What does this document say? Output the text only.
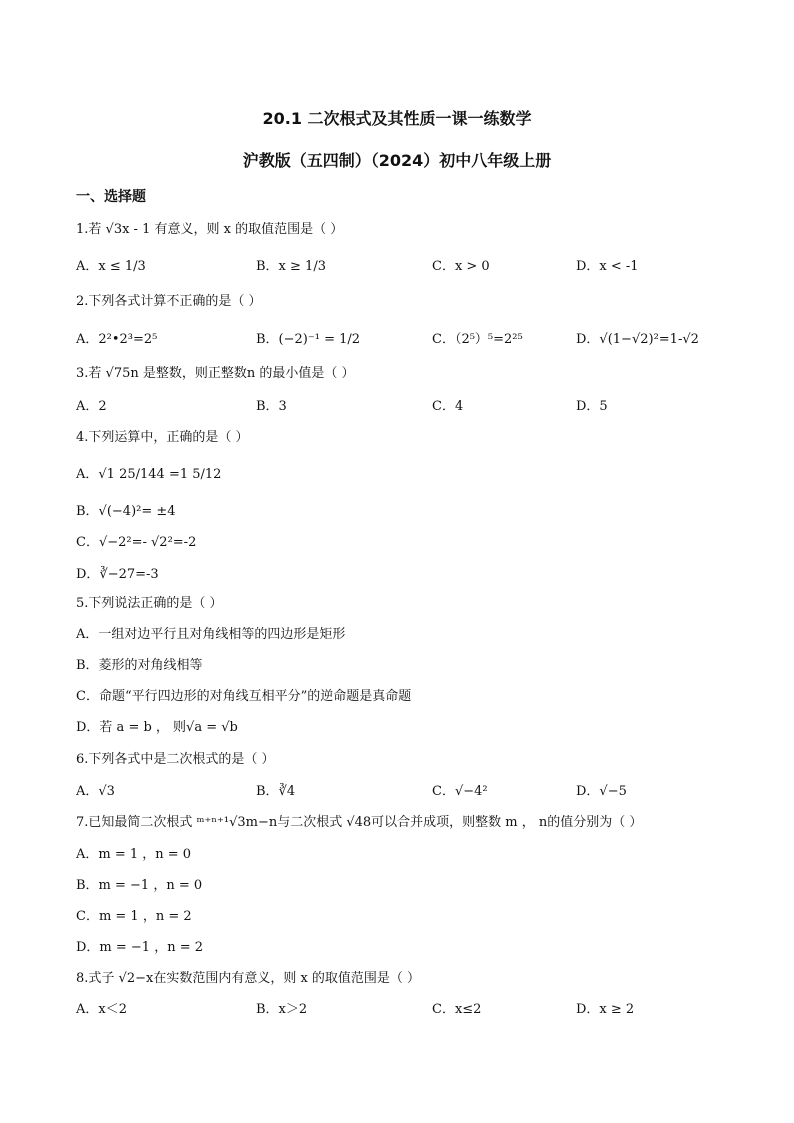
20.1 二次根式及其性质一课一练数学
沪教版（五四制）（2024）初中八年级上册
一、选择题
1.若 √3x - 1 有意义，则 x 的取值范围是（ ）
A．x ≤ 1/3	B．x ≥ 1/3	C．x > 0	D．x < -1
2.下列各式计算不正确的是（ ）
A．2²•2³=2⁵	B．(−2)⁻¹ = 1/2	C．（2⁵）⁵=2²⁵	D．√(1−√2)²=1-√2
3.若 √75n 是整数，则正整数n 的最小值是（ ）
A．2	B．3	C．4	D．5
4.下列运算中，正确的是（ ）
A．√1 25/144 =1 5/12
B．√(−4)²= ±4
C．√−2²=- √2²=-2
D．∛−27=-3
5.下列说法正确的是（ ）
A．一组对边平行且对角线相等的四边形是矩形
B．菱形的对角线相等
C．命题“平行四边形的对角线互相平分”的逆命题是真命题
D．若 a = b ， 则√a = √b
6.下列各式中是二次根式的是（ ）
A．√3	B．∛4	C．√−4²	D．√−5
7.已知最简二次根式 ᵐ⁺ⁿ⁺¹√3m−n与二次根式 √48可以合并成项，则整数 m ， n的值分别为（ ）
A．m = 1 ，n = 0
B．m = −1 ，n = 0
C．m = 1 ，n = 2
D．m = −1 ，n = 2
8.式子 √2−x在实数范围内有意义，则 x 的取值范围是（ ）
A．x＜2	B．x＞2	C．x≤2	D．x ≥ 2
